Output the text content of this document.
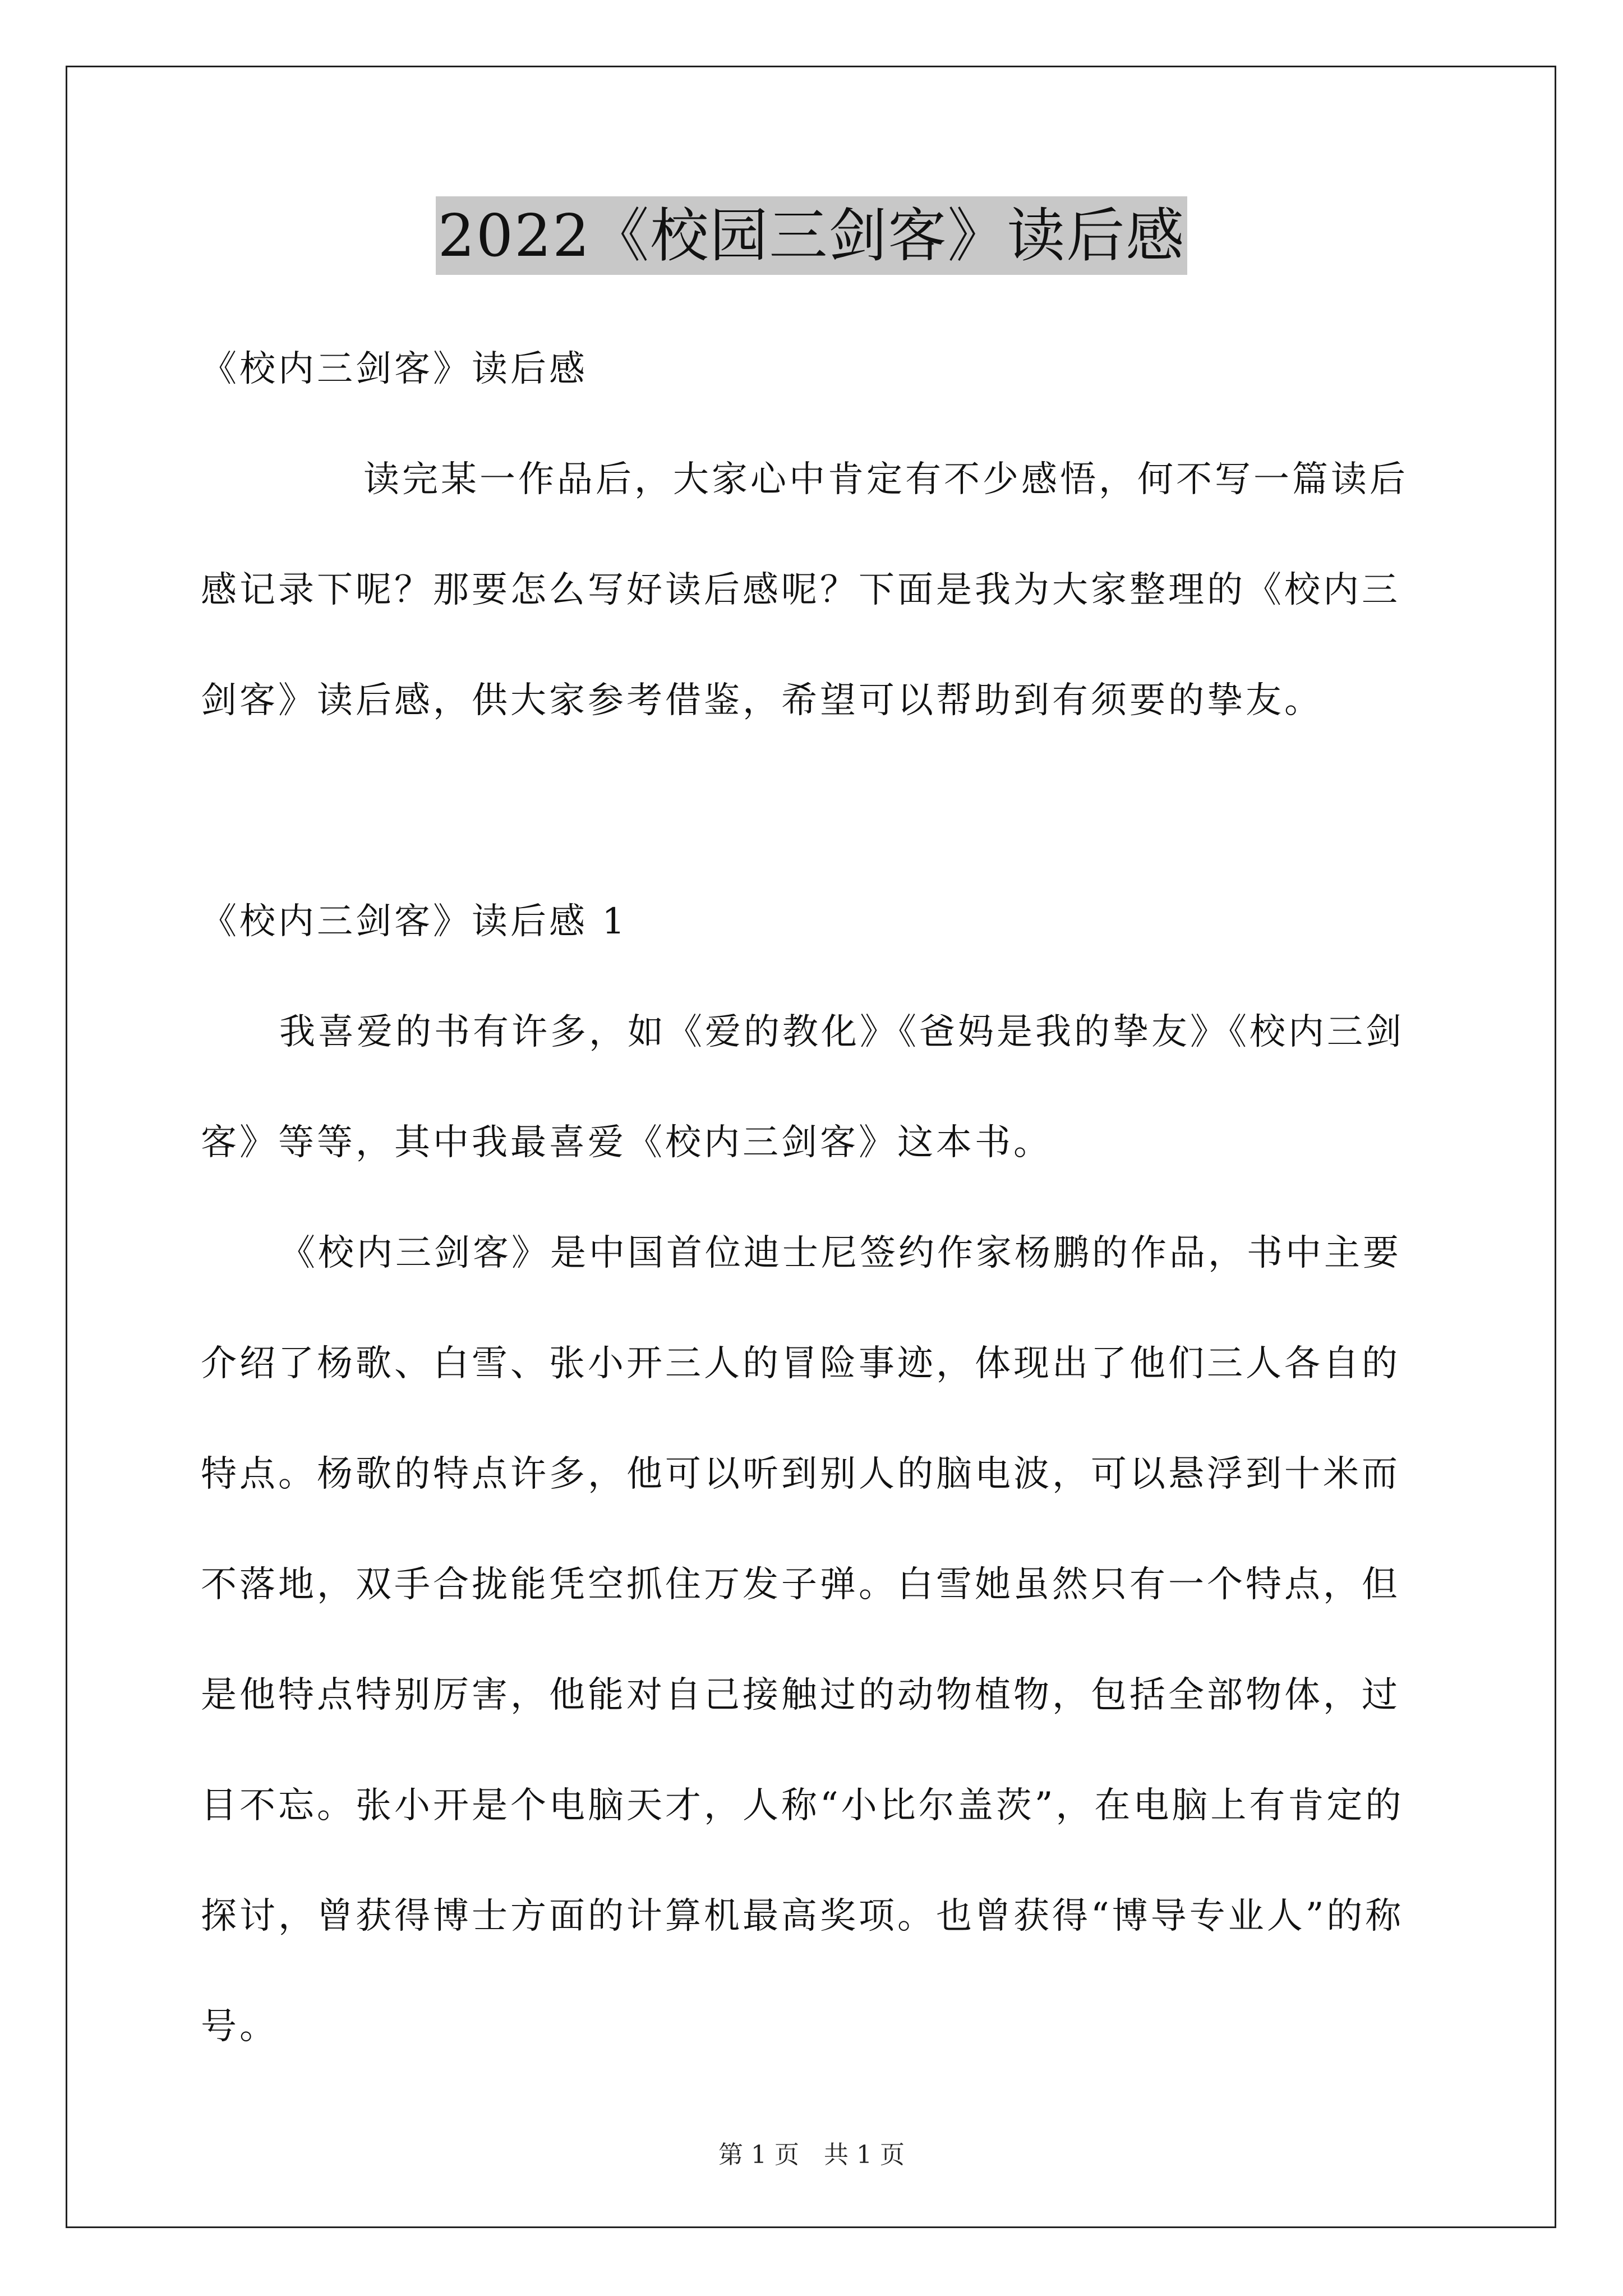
2022《校园三剑客》读后感

《校内三剑客》读后感

读完某一作品后，大家心中肯定有不少感悟，何不写一篇读后感记录下呢？那要怎么写好读后感呢？下面是我为大家整理的《校内三剑客》读后感，供大家参考借鉴，希望可以帮助到有须要的挚友。

《校内三剑客》读后感 1

我喜爱的书有许多，如《爱的教化》《爸妈是我的挚友》《校内三剑客》等等，其中我最喜爱《校内三剑客》这本书。

《校内三剑客》是中国首位迪士尼签约作家杨鹏的作品，书中主要介绍了杨歌、白雪、张小开三人的冒险事迹，体现出了他们三人各自的特点。杨歌的特点许多，他可以听到别人的脑电波，可以悬浮到十米而不落地，双手合拢能凭空抓住万发子弹。白雪她虽然只有一个特点，但是他特点特别厉害，他能对自己接触过的动物植物，包括全部物体，过目不忘。张小开是个电脑天才，人称“小比尔盖茨”，在电脑上有肯定的探讨，曾获得博士方面的计算机最高奖项。也曾获得“博导专业人”的称号。

第 1 页　共 1 页
